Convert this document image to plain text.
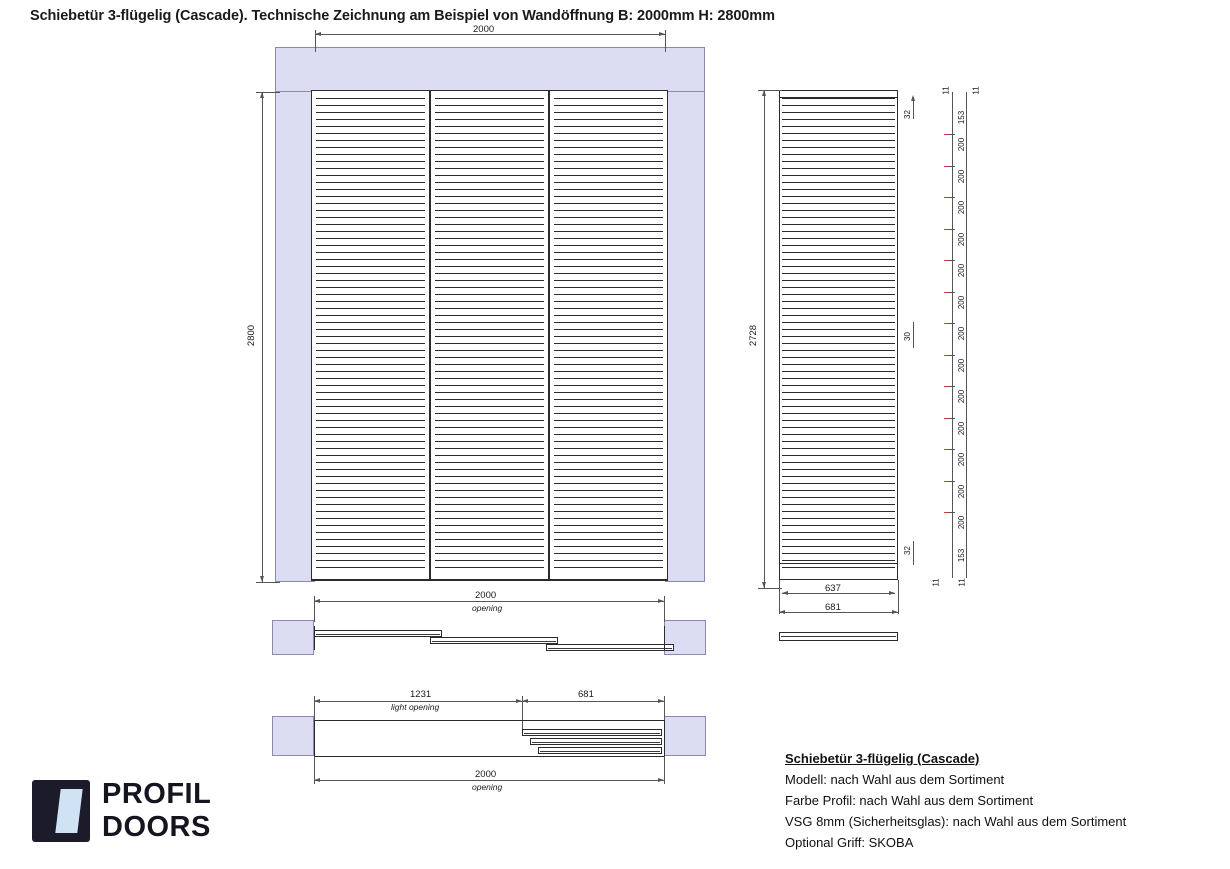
Schiebetür 3-flügelig (Cascade). Technische Zeichnung am Beispiel von Wandöffnung B: 2000mm H: 2800mm
2000
2800	2728
32
30
32
11	11
153
200
200
200
200
200
200
200
200
200
200
200
200
200
153
11 11
637
681
2000
opening
1231
light opening
681
2000
opening
Schiebetür 3-flügelig (Cascade)
Modell: nach Wahl aus dem Sortiment
Farbe Profil: nach Wahl aus dem Sortiment
VSG 8mm (Sicherheitsglas): nach Wahl aus dem Sortiment
Optional Griff: SKOBA
PROFIL
DOORS
